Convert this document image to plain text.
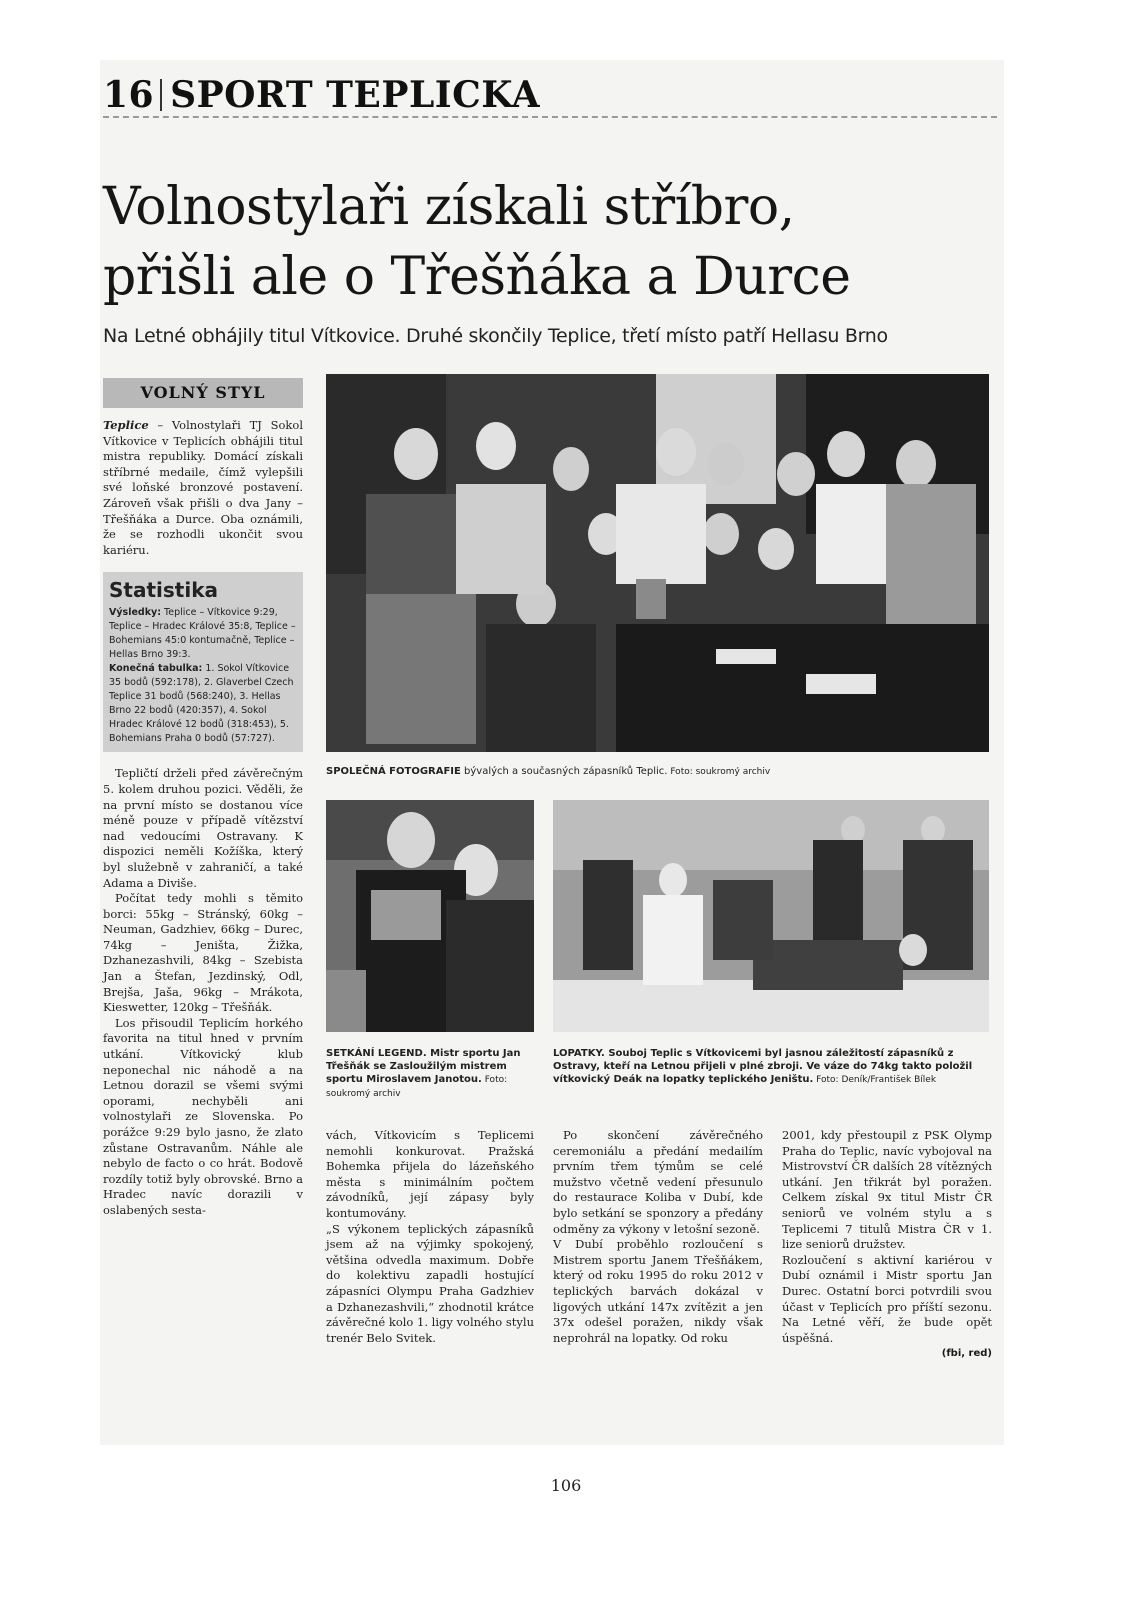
16 SPORT TEPLICKA
Volnostylaři získali stříbro,
přišli ale o Třešňáka a Durce
Na Letné obhájily titul Vítkovice. Druhé skončily Teplice, třetí místo patří Hellasu Brno
VOLNÝ STYL

Teplice – Volnostylaři TJ Sokol Vítkovice v Teplicích obhájili titul mistra republiky. Domácí získali stříbrné medaile, čímž vylepšili své loňské bronzové postavení. Zároveň však přišli o dva Jany – Třešňáka a Durce. Oba oznámili, že se rozhodli ukončit svou kariéru.

Statistika

Výsledky: Teplice – Vítkovice 9:29, Teplice – Hradec Králové 35:8, Teplice – Bohemians 45:0 kontumačně, Teplice – Hellas Brno 39:3.

Konečná tabulka: 1. Sokol Vítkovice 35 bodů (592:178), 2. Glaverbel Czech Teplice 31 bodů (568:240), 3. Hellas Brno 22 bodů (420:357), 4. Sokol Hradec Králové 12 bodů (318:453), 5. Bohemians Praha 0 bodů (57:727).

Tepličtí drželi před závěrečným 5. kolem druhou pozici. Věděli, že na první místo se dostanou více méně pouze v případě vítězství nad vedoucími Ostravany. K dispozici neměli Kožíška, který byl služebně v zahraničí, a také Adama a Diviše.

Počítat tedy mohli s těmito borci: 55kg – Stránský, 60kg – Neuman, Gadzhiev, 66kg – Durec, 74kg – Jeništa, Žižka, Dzhanezashvili, 84kg – Szebista Jan a Štefan, Jezdinský, Odl, Brejša, Jaša, 96kg – Mrákota, Kieswetter, 120kg – Třešňák.

Los přisoudil Teplicím horkého favorita na titul hned v prvním utkání. Vítkovický klub neponechal nic náhodě a na Letnou dorazil se všemi svými oporami, nechyběli ani volnostylaři ze Slovenska. Po porážce 9:29 bylo jasno, že zlato zůstane Ostravanům. Náhle ale nebylo de facto o co hrát. Bodově rozdíly totiž byly obrovské. Brno a Hradec navíc dorazili v oslabených sesta-

SPOLEČNÁ FOTOGRAFIE bývalých a současných zápasníků Teplic. Foto: soukromý archiv
SETKÁNÍ LEGEND. Mistr sportu Jan Třešňák se Zasloužilým mistrem sportu Miroslavem Janotou. Foto: soukromý archiv
LOPATKY. Souboj Teplic s Vítkovicemi byl jasnou záležitostí zápasníků z Ostravy, kteří na Letnou přijeli v plné zbroji. Ve váze do 74kg takto položil vítkovický Deák na lopatky teplického Jeništu. Foto: Deník/František Bílek

vách, Vítkovicím s Teplicemi nemohli konkurovat. Pražská Bohemka přijela do lázeňského města s minimálním počtem závodníků, její zápasy byly kontumovány.
„S výkonem teplických zápasníků jsem až na výjimky spokojený, většina odvedla maximum. Dobře do kolektivu zapadli hostující zápasníci Olympu Praha Gadzhiev a Dzhanezashvili,“ zhodnotil krátce závěrečné kolo 1. ligy volného stylu trenér Belo Svitek.

Po skončení závěrečného ceremoniálu a předání medailím prvním třem týmům se celé mužstvo včetně vedení přesunulo do restaurace Koliba v Dubí, kde bylo setkání se sponzory a předány odměny za výkony v letošní sezoně.
V Dubí proběhlo rozloučení s Mistrem sportu Janem Třešňákem, který od roku 1995 do roku 2012 v teplických barvách dokázal v ligových utkání 147x zvítězit a jen 37x odešel poražen, nikdy však neprohrál na lopatky. Od roku

2001, kdy přestoupil z PSK Olymp Praha do Teplic, navíc vybojoval na Mistrovství ČR dalších 28 vítězných utkání. Jen třikrát byl poražen. Celkem získal 9x titul Mistr ČR seniorů ve volném stylu a s Teplicemi 7 titulů Mistra ČR v 1. lize seniorů družstev.
Rozloučení s aktivní kariérou v Dubí oznámil i Mistr sportu Jan Durec. Ostatní borci potvrdili svou účast v Teplicích pro příští sezonu. Na Letné věří, že bude opět úspěšná.

(fbi, red)
106
